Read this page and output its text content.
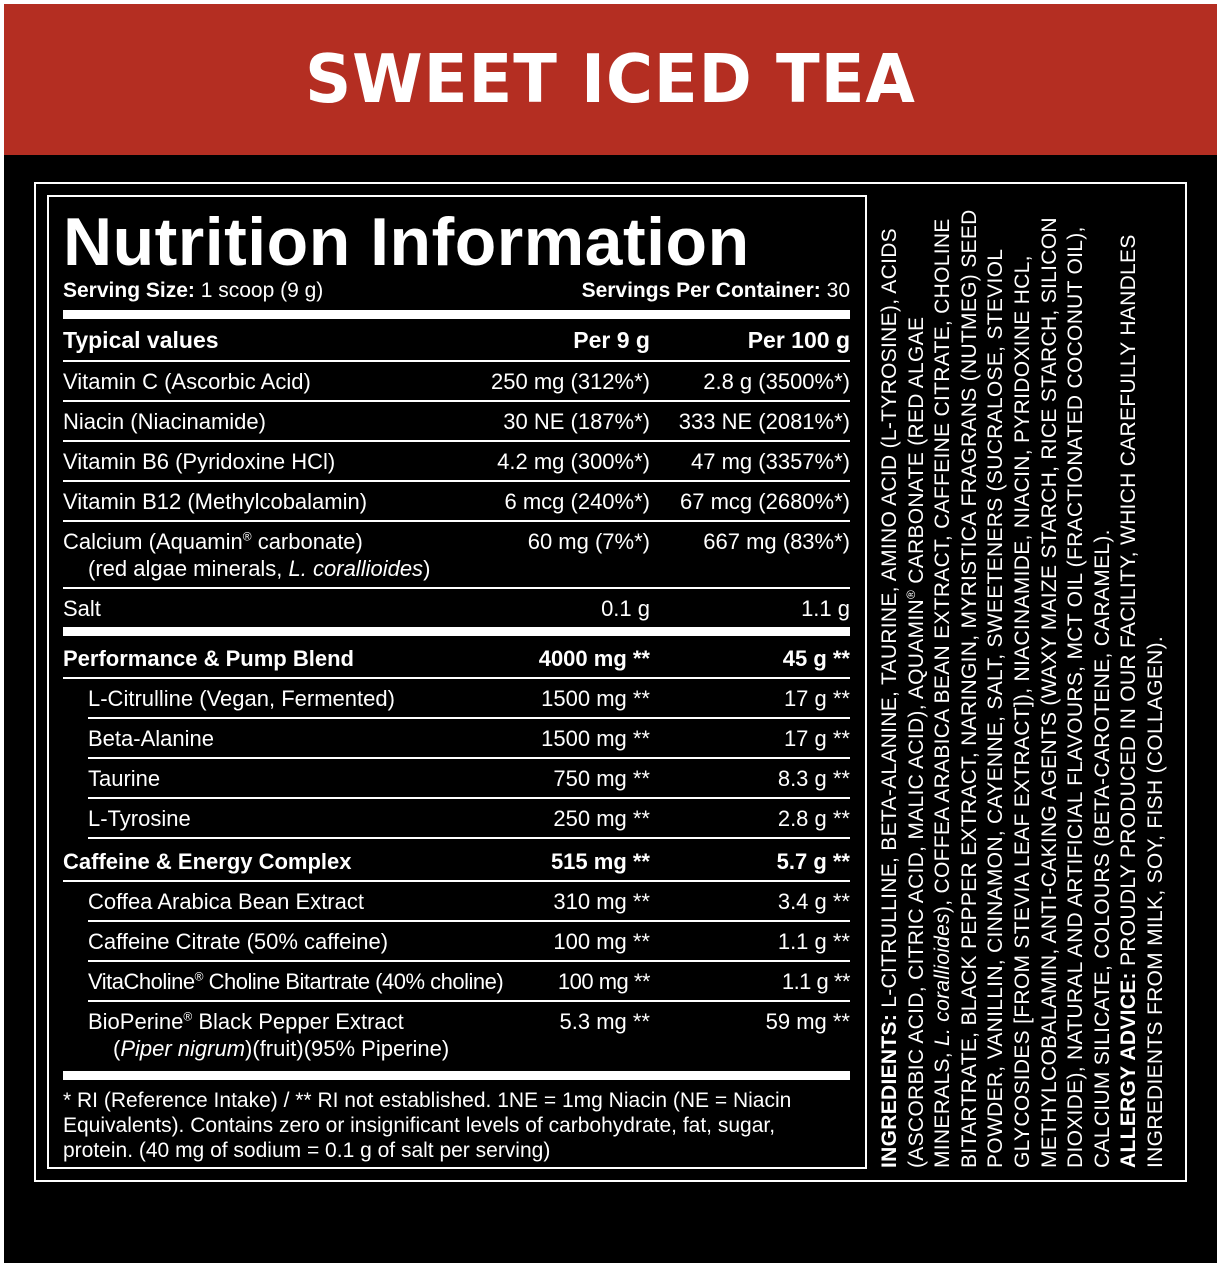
SWEET ICED TEA
Nutrition Information
Serving Size: 1 scoop (9 g)	Servings Per Container: 30
Typical values	Per 9 g	Per 100 g
Vitamin C (Ascorbic Acid)	250 mg (312%*)	2.8 g (3500%*)
Niacin (Niacinamide)	30 NE (187%*)	333 NE (2081%*)
Vitamin B6 (Pyridoxine HCl)	4.2 mg (300%*)	47 mg (3357%*)
Vitamin B12 (Methylcobalamin)	6 mcg (240%*)	67 mcg (2680%*)
Calcium (Aquamin® carbonate)
(red algae minerals, L. corallioides)
60 mg (7%*)	667 mg (83%*)
Salt	0.1 g	1.1 g
Performance & Pump Blend	4000 mg **	45 g **
L-Citrulline (Vegan, Fermented)	1500 mg **	17 g **
Beta-Alanine	1500 mg **	17 g **
Taurine	750 mg **	8.3 g **
L-Tyrosine	250 mg **	2.8 g **
Caffeine & Energy Complex	515 mg **	5.7 g **
Coffea Arabica Bean Extract	310 mg **	3.4 g **
Caffeine Citrate (50% caffeine)	100 mg **	1.1 g **
VitaCholine® Choline Bitartrate (40% choline)	100 mg **	1.1 g **
BioPerine® Black Pepper Extract
(Piper nigrum)(fruit)(95% Piperine)
5.3 mg **	59 mg **
* RI (Reference Intake) / ** RI not established. 1NE = 1mg Niacin (NE = Niacin Equivalents). Contains zero or insignificant levels of carbohydrate, fat, sugar, protein. (40 mg of sodium = 0.1 g of salt per serving)	INGREDIENTS: L-CITRULLINE, BETA-ALANINE, TAURINE, AMINO ACID (L-TYROSINE), ACIDS (ASCORBIC ACID, CITRIC ACID, MALIC ACID), AQUAMIN® CARBONATE (RED ALGAE MINERALS, L. corallioides), COFFEA ARABICA BEAN EXTRACT, CAFFEINE CITRATE, CHOLINE BITARTRATE, BLACK PEPPER EXTRACT, NARINGIN, MYRISTICA FRAGRANS (NUTMEG) SEED POWDER, VANILLIN, CINNAMON, CAYENNE, SALT, SWEETENERS (SUCRALOSE, STEVIOL GLYCOSIDES [FROM STEVIA LEAF EXTRACT]), NIACINAMIDE, NIACIN, PYRIDOXINE HCL, METHYLCOBALAMIN, ANTI-CAKING AGENTS (WAXY MAIZE STARCH, RICE STARCH, SILICON DIOXIDE), NATURAL AND ARTIFICIAL FLAVOURS, MCT OIL (FRACTIONATED COCONUT OIL), CALCIUM SILICATE, COLOURS (BETA-CAROTENE, CARAMEL). ALLERGY ADVICE: PROUDLY PRODUCED IN OUR FACILITY, WHICH CAREFULLY HANDLES INGREDIENTS FROM MILK, SOY, FISH (COLLAGEN).
PN LA-23509EX 2.00
